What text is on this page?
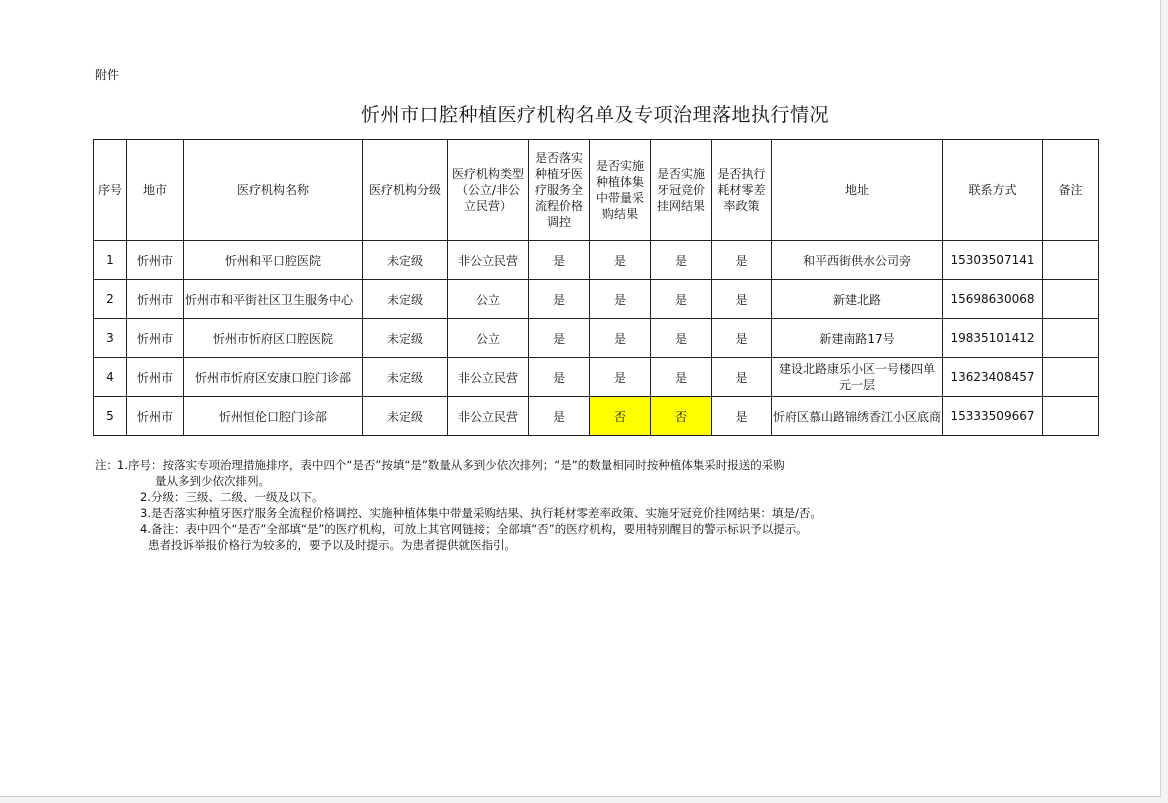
附件
忻州市口腔种植医疗机构名单及专项治理落地执行情况
序号	地市	医疗机构名称	医疗机构分级	医疗机构类型（公立/非公立民营）	是否落实种植牙医疗服务全流程价格调控	是否实施种植体集中带量采购结果	是否实施牙冠竞价挂网结果	是否执行耗材零差率政策	地址	联系方式	备注
1	忻州市	忻州和平口腔医院	未定级	非公立民营	是	是	是	是	和平西街供水公司旁	15303507141	
2	忻州市	忻州市和平街社区卫生服务中心	未定级	公立	是	是	是	是	新建北路	15698630068	
3	忻州市	忻州市忻府区口腔医院	未定级	公立	是	是	是	是	新建南路17号	19835101412	
4	忻州市	忻州市忻府区安康口腔门诊部	未定级	非公立民营	是	是	是	是	建设北路康乐小区一号楼四单元一层	13623408457	
5	忻州市	忻州恒伦口腔门诊部	未定级	非公立民营	是	否	否	是	忻府区慕山路锦绣香江小区底商	15333509667	
注：1.序号：按落实专项治理措施排序，表中四个“是否”按填“是”数量从多到少依次排列；“是”的数量相同时按种植体集采时报送的采购
量从多到少依次排列。
2.分级：三级、二级、一级及以下。
3.是否落实种植牙医疗服务全流程价格调控、实施种植体集中带量采购结果、执行耗材零差率政策、实施牙冠竞价挂网结果：填是/否。
4.备注：表中四个“是否”全部填“是”的医疗机构，可放上其官网链接；全部填“否”的医疗机构，要用特别醒目的警示标识予以提示。
患者投诉举报价格行为较多的，要予以及时提示。为患者提供就医指引。
